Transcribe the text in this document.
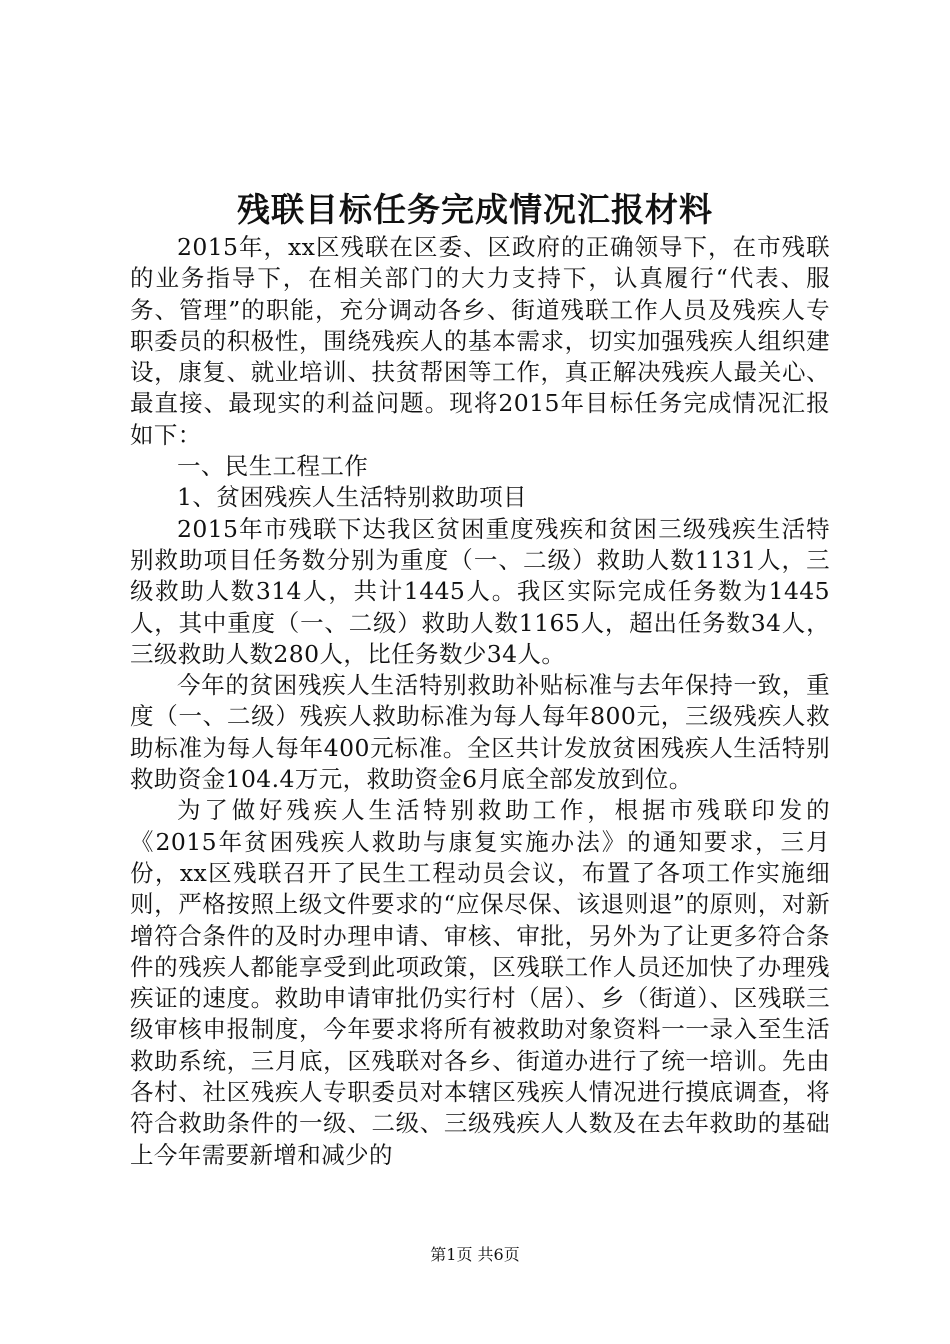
残联目标任务完成情况汇报材料

2015年，xx区残联在区委、区政府的正确领导下，在市残联的业务指导下，在相关部门的大力支持下，认真履行“代表、服务、管理”的职能，充分调动各乡、街道残联工作人员及残疾人专职委员的积极性，围绕残疾人的基本需求，切实加强残疾人组织建设，康复、就业培训、扶贫帮困等工作，真正解决残疾人最关心、最直接、最现实的利益问题。现将2015年目标任务完成情况汇报如下：

一、民生工程工作

1、贫困残疾人生活特别救助项目

2015年市残联下达我区贫困重度残疾和贫困三级残疾生活特别救助项目任务数分别为重度（一、二级）救助人数1131人，三级救助人数314人，共计1445人。我区实际完成任务数为1445人，其中重度（一、二级）救助人数1165人，超出任务数34人，三级救助人数280人，比任务数少34人。

今年的贫困残疾人生活特别救助补贴标准与去年保持一致，重度（一、二级）残疾人救助标准为每人每年800元，三级残疾人救助标准为每人每年400元标准。全区共计发放贫困残疾人生活特别救助资金104.4万元，救助资金6月底全部发放到位。

为了做好残疾人生活特别救助工作，根据市残联印发的《2015年贫困残疾人救助与康复实施办法》的通知要求，三月份，xx区残联召开了民生工程动员会议，布置了各项工作实施细则，严格按照上级文件要求的“应保尽保、该退则退”的原则，对新增符合条件的及时办理申请、审核、审批，另外为了让更多符合条件的残疾人都能享受到此项政策，区残联工作人员还加快了办理残疾证的速度。救助申请审批仍实行村（居）、乡（街道）、区残联三级审核申报制度，今年要求将所有被救助对象资料一一录入至生活救助系统，三月底，区残联对各乡、街道办进行了统一培训。先由各村、社区残疾人专职委员对本辖区残疾人情况进行摸底调查，将符合救助条件的一级、二级、三级残疾人人数及在去年救助的基础上今年需要新增和减少的

第1页 共6页
